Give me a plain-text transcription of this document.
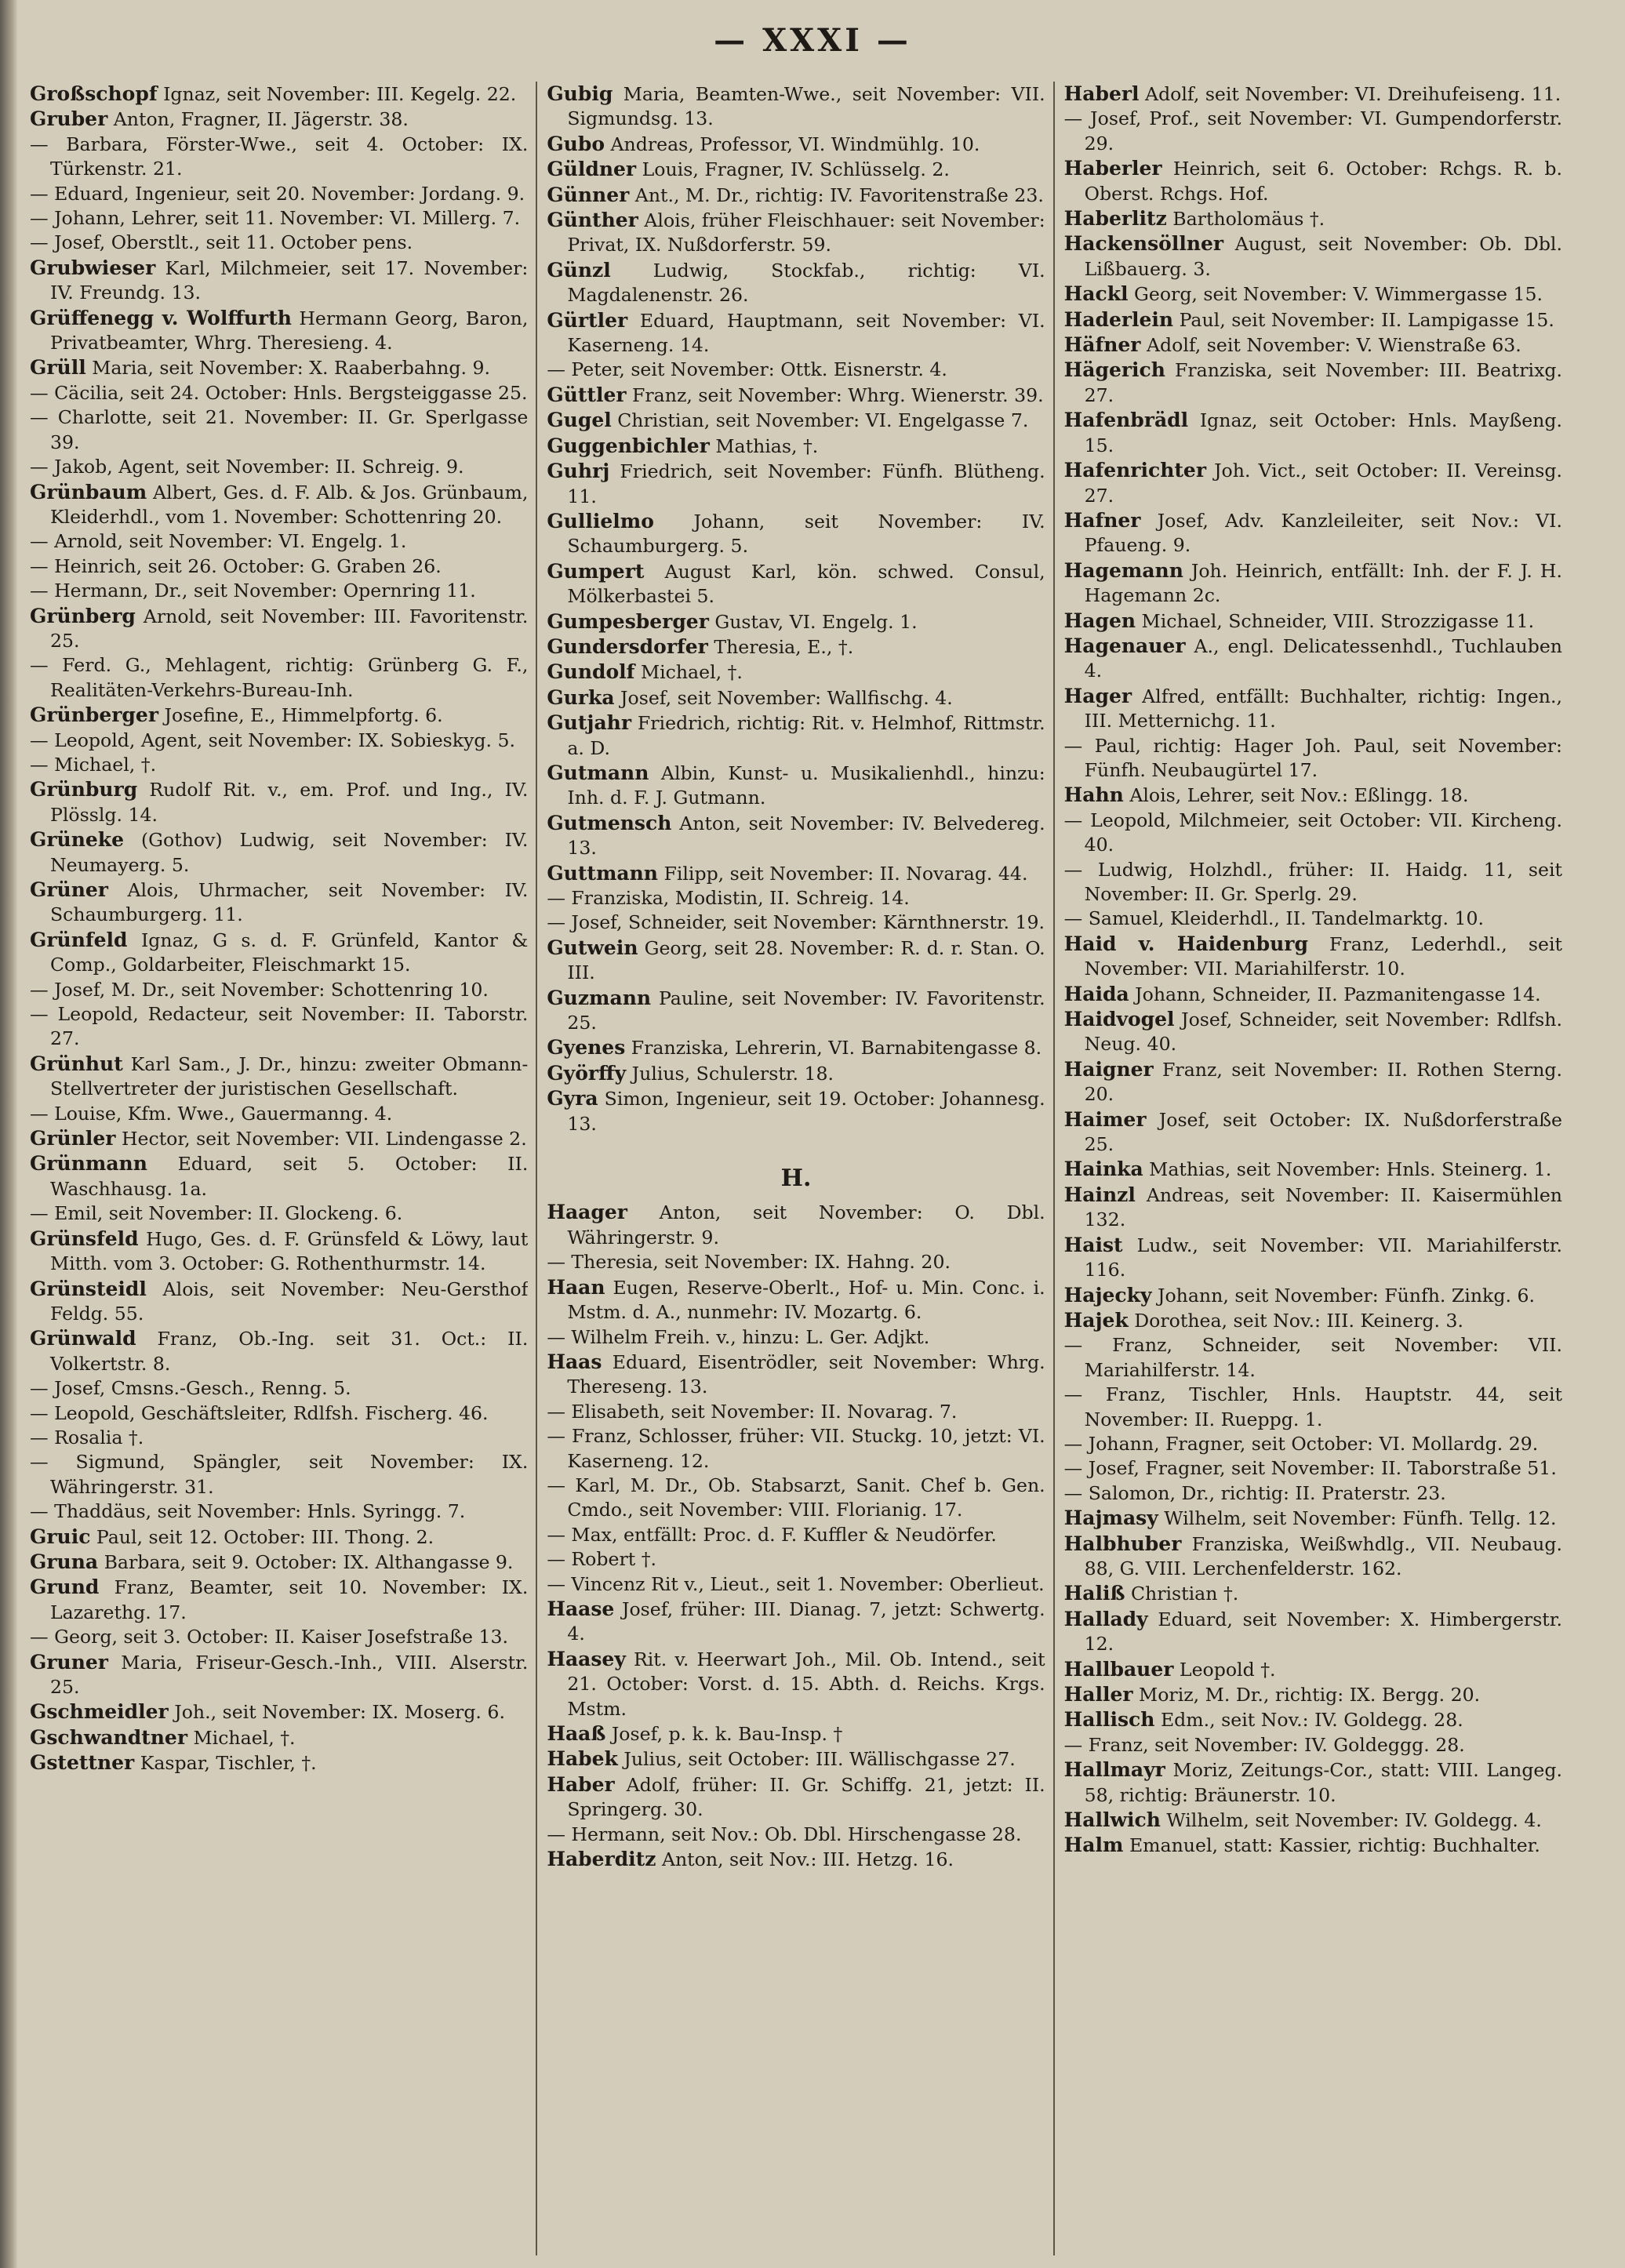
— XXXI —
Großschopf Ignaz, seit November: III. Kegelg. 22.
Gruber Anton, Fragner, II. Jägerstr. 38.
— Barbara, Förster-Wwe., seit 4. October: IX. Türkenstr. 21.
— Eduard, Ingenieur, seit 20. November: Jordang. 9.
— Johann, Lehrer, seit 11. November: VI. Millerg. 7.
— Josef, Oberstlt., seit 11. October pens.
Grubwieser Karl, Milchmeier, seit 17. November: IV. Freundg. 13.
Grüffenegg v. Wolffurth Hermann Georg, Baron, Privatbeamter, Whrg. Theresieng. 4.
Grüll Maria, seit November: X. Raaberbahng. 9.
— Cäcilia, seit 24. October: Hnls. Bergsteiggasse 25.
— Charlotte, seit 21. November: II. Gr. Sperlgasse 39.
— Jakob, Agent, seit November: II. Schreig. 9.
Grünbaum Albert, Ges. d. F. Alb. & Jos. Grünbaum, Kleiderhdl., vom 1. November: Schottenring 20.
— Arnold, seit November: VI. Engelg. 1.
— Heinrich, seit 26. October: G. Graben 26.
— Hermann, Dr., seit November: Opernring 11.
Grünberg Arnold, seit November: III. Favoritenstr. 25.
— Ferd. G., Mehlagent, richtig: Grünberg G. F., Realitäten-Verkehrs-Bureau-Inh.
Grünberger Josefine, E., Himmelpfortg. 6.
— Leopold, Agent, seit November: IX. Sobieskyg. 5.
— Michael, †.
Grünburg Rudolf Rit. v., em. Prof. und Ing., IV. Plösslg. 14.
Grüneke (Gothov) Ludwig, seit November: IV. Neumayerg. 5.
Grüner Alois, Uhrmacher, seit November: IV. Schaumburgerg. 11.
Grünfeld Ignaz, G s. d. F. Grünfeld, Kantor & Comp., Goldarbeiter, Fleischmarkt 15.
— Josef, M. Dr., seit November: Schottenring 10.
— Leopold, Redacteur, seit November: II. Taborstr. 27.
Grünhut Karl Sam., J. Dr., hinzu: zweiter Obmann-Stellvertreter der juristischen Gesellschaft.
— Louise, Kfm. Wwe., Gauermanng. 4.
Grünler Hector, seit November: VII. Lindengasse 2.
Grünmann Eduard, seit 5. October: II. Waschhausg. 1a.
— Emil, seit November: II. Glockeng. 6.
Grünsfeld Hugo, Ges. d. F. Grünsfeld & Löwy, laut Mitth. vom 3. October: G. Rothenthurmstr. 14.
Grünsteidl Alois, seit November: Neu-Gersthof Feldg. 55.
Grünwald Franz, Ob.-Ing. seit 31. Oct.: II. Volkertstr. 8.
— Josef, Cmsns.-Gesch., Renng. 5.
— Leopold, Geschäftsleiter, Rdlfsh. Fischerg. 46.
— Rosalia †.
— Sigmund, Spängler, seit November: IX. Währingerstr. 31.
— Thaddäus, seit November: Hnls. Syringg. 7.
Gruic Paul, seit 12. October: III. Thong. 2.
Gruna Barbara, seit 9. October: IX. Althangasse 9.
Grund Franz, Beamter, seit 10. November: IX. Lazarethg. 17.
— Georg, seit 3. October: II. Kaiser Josefstraße 13.
Gruner Maria, Friseur-Gesch.-Inh., VIII. Alserstr. 25.
Gschmeidler Joh., seit November: IX. Moserg. 6.
Gschwandtner Michael, †.
Gstettner Kaspar, Tischler, †.
Gubig Maria, Beamten-Wwe., seit November: VII. Sigmundsg. 13.
Gubo Andreas, Professor, VI. Windmühlg. 10.
Güldner Louis, Fragner, IV. Schlüsselg. 2.
Günner Ant., M. Dr., richtig: IV. Favoritenstraße 23.
Günther Alois, früher Fleischhauer: seit November: Privat, IX. Nußdorferstr. 59.
Günzl Ludwig, Stockfab., richtig: VI. Magdalenenstr. 26.
Gürtler Eduard, Hauptmann, seit November: VI. Kaserneng. 14.
— Peter, seit November: Ottk. Eisnerstr. 4.
Güttler Franz, seit November: Whrg. Wienerstr. 39.
Gugel Christian, seit November: VI. Engelgasse 7.
Guggenbichler Mathias, †.
Guhrj Friedrich, seit November: Fünfh. Blütheng. 11.
Gullielmo Johann, seit November: IV. Schaumburgerg. 5.
Gumpert August Karl, kön. schwed. Consul, Mölkerbastei 5.
Gumpesberger Gustav, VI. Engelg. 1.
Gundersdorfer Theresia, E., †.
Gundolf Michael, †.
Gurka Josef, seit November: Wallfischg. 4.
Gutjahr Friedrich, richtig: Rit. v. Helmhof, Rittmstr. a. D.
Gutmann Albin, Kunst- u. Musikalienhdl., hinzu: Inh. d. F. J. Gutmann.
Gutmensch Anton, seit November: IV. Belvedereg. 13.
Guttmann Filipp, seit November: II. Novarag. 44.
— Franziska, Modistin, II. Schreig. 14.
— Josef, Schneider, seit November: Kärnthnerstr. 19.
Gutwein Georg, seit 28. November: R. d. r. Stan. O. III.
Guzmann Pauline, seit November: IV. Favoritenstr. 25.
Gyenes Franziska, Lehrerin, VI. Barnabitengasse 8.
Györffy Julius, Schulerstr. 18.
Gyra Simon, Ingenieur, seit 19. October: Johannesg. 13.
H.
Haager Anton, seit November: O. Dbl. Währingerstr. 9.
— Theresia, seit November: IX. Hahng. 20.
Haan Eugen, Reserve-Oberlt., Hof- u. Min. Conc. i. Mstm. d. A., nunmehr: IV. Mozartg. 6.
— Wilhelm Freih. v., hinzu: L. Ger. Adjkt.
Haas Eduard, Eisentrödler, seit November: Whrg. Thereseng. 13.
— Elisabeth, seit November: II. Novarag. 7.
— Franz, Schlosser, früher: VII. Stuckg. 10, jetzt: VI. Kaserneng. 12.
— Karl, M. Dr., Ob. Stabsarzt, Sanit. Chef b. Gen. Cmdo., seit November: VIII. Florianig. 17.
— Max, entfällt: Proc. d. F. Kuffler & Neudörfer.
— Robert †.
— Vincenz Rit v., Lieut., seit 1. November: Oberlieut.
Haase Josef, früher: III. Dianag. 7, jetzt: Schwertg. 4.
Haasey Rit. v. Heerwart Joh., Mil. Ob. Intend., seit 21. October: Vorst. d. 15. Abth. d. Reichs. Krgs. Mstm.
Haaß Josef, p. k. k. Bau-Insp. †
Habek Julius, seit October: III. Wällischgasse 27.
Haber Adolf, früher: II. Gr. Schiffg. 21, jetzt: II. Springerg. 30.
— Hermann, seit Nov.: Ob. Dbl. Hirschengasse 28.
Haberditz Anton, seit Nov.: III. Hetzg. 16.
Haberl Adolf, seit November: VI. Dreihufeiseng. 11.
— Josef, Prof., seit November: VI. Gumpendorferstr. 29.
Haberler Heinrich, seit 6. October: Rchgs. R. b. Oberst. Rchgs. Hof.
Haberlitz Bartholomäus †.
Hackensöllner August, seit November: Ob. Dbl. Lißbauerg. 3.
Hackl Georg, seit November: V. Wimmergasse 15.
Haderlein Paul, seit November: II. Lampigasse 15.
Häfner Adolf, seit November: V. Wienstraße 63.
Hägerich Franziska, seit November: III. Beatrixg. 27.
Hafenbrädl Ignaz, seit October: Hnls. Mayßeng. 15.
Hafenrichter Joh. Vict., seit October: II. Vereinsg. 27.
Hafner Josef, Adv. Kanzleileiter, seit Nov.: VI. Pfaueng. 9.
Hagemann Joh. Heinrich, entfällt: Inh. der F. J. H. Hagemann 2c.
Hagen Michael, Schneider, VIII. Strozzigasse 11.
Hagenauer A., engl. Delicatessenhdl., Tuchlauben 4.
Hager Alfred, entfällt: Buchhalter, richtig: Ingen., III. Metternichg. 11.
— Paul, richtig: Hager Joh. Paul, seit November: Fünfh. Neubaugürtel 17.
Hahn Alois, Lehrer, seit Nov.: Eßlingg. 18.
— Leopold, Milchmeier, seit October: VII. Kircheng. 40.
— Ludwig, Holzhdl., früher: II. Haidg. 11, seit November: II. Gr. Sperlg. 29.
— Samuel, Kleiderhdl., II. Tandelmarktg. 10.
Haid v. Haidenburg Franz, Lederhdl., seit November: VII. Mariahilferstr. 10.
Haida Johann, Schneider, II. Pazmanitengasse 14.
Haidvogel Josef, Schneider, seit November: Rdlfsh. Neug. 40.
Haigner Franz, seit November: II. Rothen Sterng. 20.
Haimer Josef, seit October: IX. Nußdorferstraße 25.
Hainka Mathias, seit November: Hnls. Steinerg. 1.
Hainzl Andreas, seit November: II. Kaisermühlen 132.
Haist Ludw., seit November: VII. Mariahilferstr. 116.
Hajecky Johann, seit November: Fünfh. Zinkg. 6.
Hajek Dorothea, seit Nov.: III. Keinerg. 3.
— Franz, Schneider, seit November: VII. Mariahilferstr. 14.
— Franz, Tischler, Hnls. Hauptstr. 44, seit November: II. Rueppg. 1.
— Johann, Fragner, seit October: VI. Mollardg. 29.
— Josef, Fragner, seit November: II. Taborstraße 51.
— Salomon, Dr., richtig: II. Praterstr. 23.
Hajmasy Wilhelm, seit November: Fünfh. Tellg. 12.
Halbhuber Franziska, Weißwhdlg., VII. Neubaug. 88, G. VIII. Lerchenfelderstr. 162.
Haliß Christian †.
Hallady Eduard, seit November: X. Himbergerstr. 12.
Hallbauer Leopold †.
Haller Moriz, M. Dr., richtig: IX. Bergg. 20.
Hallisch Edm., seit Nov.: IV. Goldegg. 28.
— Franz, seit November: IV. Goldeggg. 28.
Hallmayr Moriz, Zeitungs-Cor., statt: VIII. Langeg. 58, richtig: Bräunerstr. 10.
Hallwich Wilhelm, seit November: IV. Goldegg. 4.
Halm Emanuel, statt: Kassier, richtig: Buchhalter.
